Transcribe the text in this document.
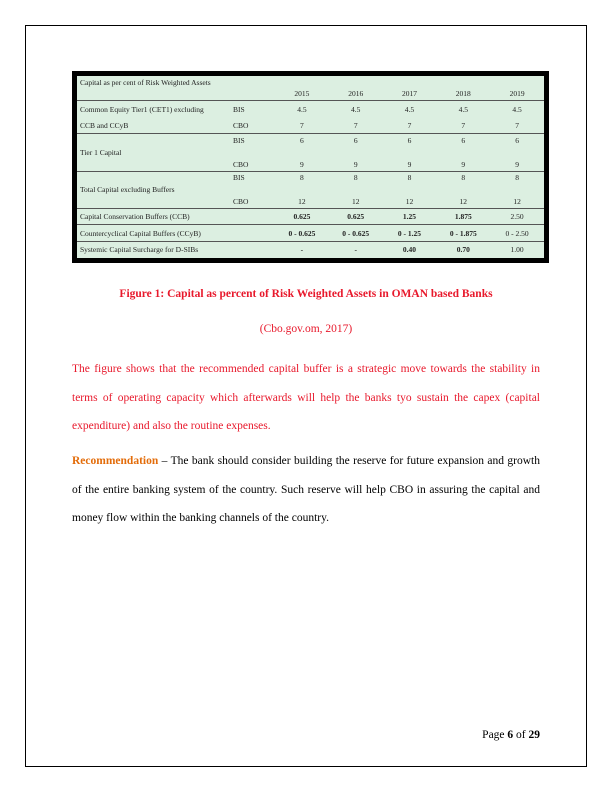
Capital as per cent of Risk Weighted Assets		2015	2016	2017	2018	2019
Common Equity Tier1 (CET1) excluding	BIS	4.5	4.5	4.5	4.5	4.5
CCB and CCyB	CBO	7	7	7	7	7
	BIS	6	6	6	6	6
Tier 1 Capital						
	CBO	9	9	9	9	9
	BIS	8	8	8	8	8
Total Capital excluding Buffers						
	CBO	12	12	12	12	12
Capital Conservation Buffers (CCB)		0.625	0.625	1.25	1.875	2.50
Countercyclical Capital Buffers (CCyB)		0 - 0.625	0 - 0.625	0 - 1.25	0 - 1.875	0 - 2.50
Systemic Capital Surcharge for D-SIBs		-	-	0.40	0.70	1.00
Figure 1: Capital as percent of Risk Weighted Assets in OMAN based Banks
(Cbo.gov.om, 2017)

The figure shows that the recommended capital buffer is a strategic move towards the stability in terms of operating capacity which afterwards will help the banks tyo sustain the capex (capital expenditure) and also the routine expenses.

Recommendation – The bank should consider building the reserve for future expansion and growth of the entire banking system of the country. Such reserve will help CBO in assuring the capital and money flow within the banking channels of the country.

Page 6 of 29
